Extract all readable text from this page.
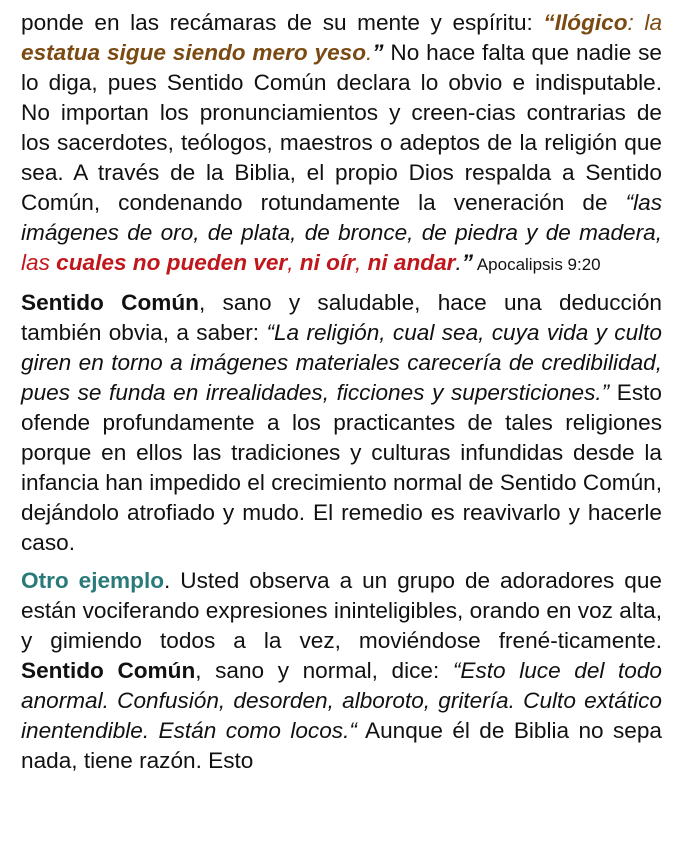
ponde en las recámaras de su mente y espíritu: “Ilógico: la estatua sigue siendo mero yeso.” No hace falta que nadie se lo diga, pues Sentido Común declara lo obvio e indisputable. No importan los pronunciamientos y creen-cias contrarias de los sacerdotes, teólogos, maestros o adeptos de la religión que sea. A través de la Biblia, el propio Dios respalda a Sentido Común, condenando rotundamente la veneración de “las imágenes de oro, de plata, de bronce, de piedra y de madera, las cuales no pueden ver, ni oír, ni andar.” Apocalipsis 9:20

Sentido Común, sano y saludable, hace una deducción también obvia, a saber: “La religión, cual sea, cuya vida y culto giren en torno a imágenes materiales carecería de credibilidad, pues se funda en irrealidades, ficciones y supersticiones.” Esto ofende profundamente a los practicantes de tales religiones porque en ellos las tradiciones y culturas infundidas desde la infancia han impedido el crecimiento normal de Sentido Común, dejándolo atrofiado y mudo. El remedio es reavivarlo y hacerle caso.

Otro ejemplo. Usted observa a un grupo de adoradores que están vociferando expresiones ininteligibles, orando en voz alta, y gimiendo todos a la vez, moviéndose frené-ticamente. Sentido Común, sano y normal, dice: “Esto luce del todo anormal. Confusión, desorden, alboroto, gritería. Culto extático inentendible. Están como locos.“ Aunque él de Biblia no sepa nada, tiene razón. Esto
